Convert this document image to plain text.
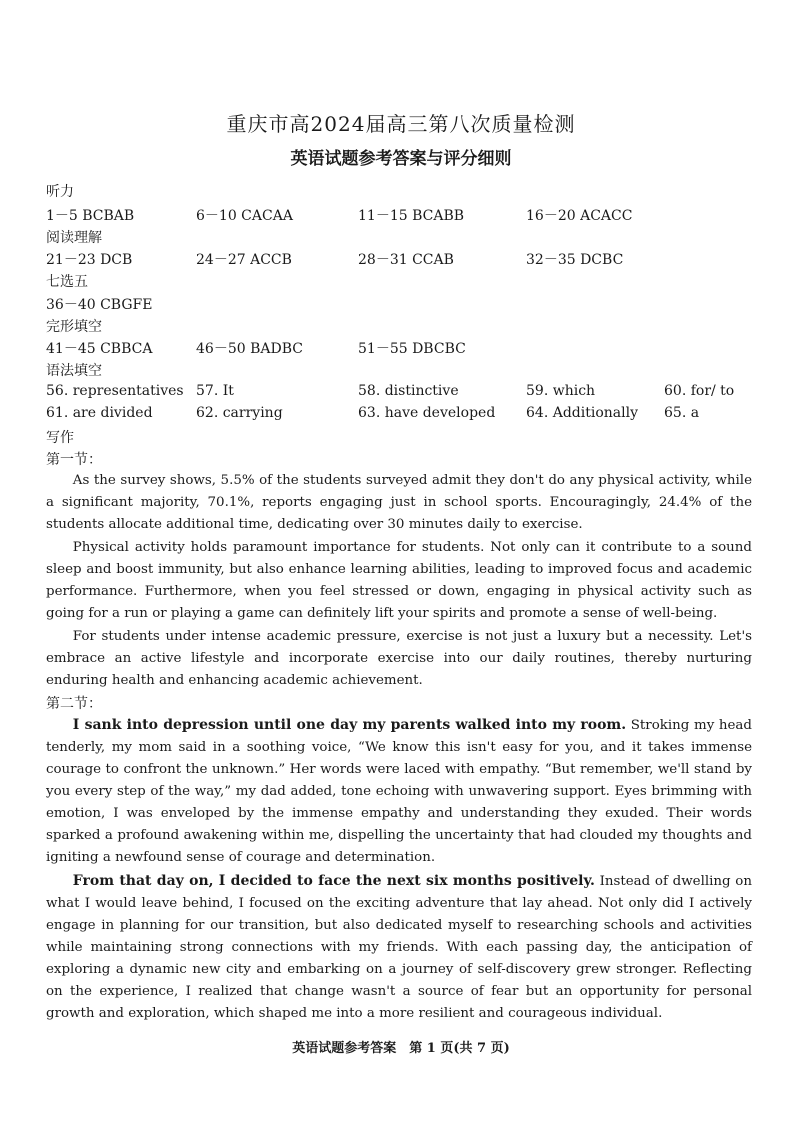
重庆市高2024届高三第八次质量检测
英语试题参考答案与评分细则
听力
1－5 BCBAB	6－10 CACAA	11－15 BCABB	16－20 ACACC
阅读理解
21－23 DCB	24－27 ACCB	28－31 CCAB	32－35 DCBC
七选五
36－40 CBGFE
完形填空
41－45 CBBCA	46－50 BADBC	51－55 DBCBC
语法填空
56. representatives 57. It	58. distinctive	59. which	60. for/ to
61. are divided	62. carrying	63. have developed 64. Additionally 65. a
写作
第一节：

As the survey shows, 5.5% of the students surveyed admit they don't do any physical activity, while a significant majority, 70.1%, reports engaging just in school sports. Encouragingly, 24.4% of the students allocate additional time, dedicating over 30 minutes daily to exercise.

Physical activity holds paramount importance for students. Not only can it contribute to a sound sleep and boost immunity, but also enhance learning abilities, leading to improved focus and academic performance. Furthermore, when you feel stressed or down, engaging in physical activity such as going for a run or playing a game can definitely lift your spirits and promote a sense of well-being.

For students under intense academic pressure, exercise is not just a luxury but a necessity. Let's embrace an active lifestyle and incorporate exercise into our daily routines, thereby nurturing enduring health and enhancing academic achievement.

第二节：

I sank into depression until one day my parents walked into my room. Stroking my head tenderly, my mom said in a soothing voice, “We know this isn't easy for you, and it takes immense courage to confront the unknown.” Her words were laced with empathy. “But remember, we'll stand by you every step of the way,” my dad added, tone echoing with unwavering support. Eyes brimming with emotion, I was enveloped by the immense empathy and understanding they exuded. Their words sparked a profound awakening within me, dispelling the uncertainty that had clouded my thoughts and igniting a newfound sense of courage and determination.

From that day on, I decided to face the next six months positively. Instead of dwelling on what I would leave behind, I focused on the exciting adventure that lay ahead. Not only did I actively engage in planning for our transition, but also dedicated myself to researching schools and activities while maintaining strong connections with my friends. With each passing day, the anticipation of exploring a dynamic new city and embarking on a journey of self-discovery grew stronger. Reflecting on the experience, I realized that change wasn't a source of fear but an opportunity for personal growth and exploration, which shaped me into a more resilient and courageous individual.

英语试题参考答案　第 1 页(共 7 页)
